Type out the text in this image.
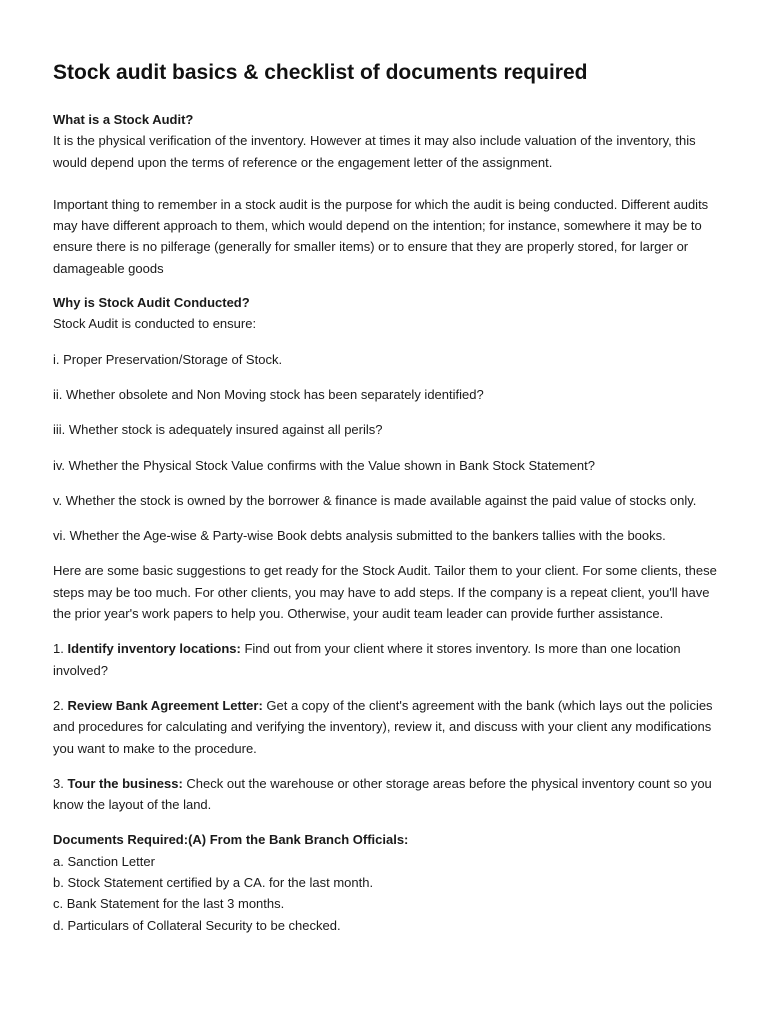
Stock audit basics & checklist of documents required

What is a Stock Audit?

It is the physical verification of the inventory. However at times it may also include valuation of the inventory, this would depend upon the terms of reference or the engagement letter of the assignment.

Important thing to remember in a stock audit is the purpose for which the audit is being conducted. Different audits may have different approach to them, which would depend on the intention; for instance, somewhere it may be to ensure there is no pilferage (generally for smaller items) or to ensure that they are properly stored, for larger or damageable goods

Why is Stock Audit Conducted?

Stock Audit is conducted to ensure:

i. Proper Preservation/Storage of Stock.

ii. Whether obsolete and Non Moving stock has been separately identified?

iii. Whether stock is adequately insured against all perils?

iv. Whether the Physical Stock Value confirms with the Value shown in Bank Stock Statement?

v. Whether the stock is owned by the borrower & finance is made available against the paid value of stocks only.

vi. Whether the Age-wise & Party-wise Book debts analysis submitted to the bankers tallies with the books.

Here are some basic suggestions to get ready for the Stock Audit. Tailor them to your client. For some clients, these steps may be too much. For other clients, you may have to add steps. If the company is a repeat client, you'll have the prior year's work papers to help you. Otherwise, your audit team leader can provide further assistance.

1. Identify inventory locations: Find out from your client where it stores inventory. Is more than one location involved?

2. Review Bank Agreement Letter: Get a copy of the client's agreement with the bank (which lays out the policies and procedures for calculating and verifying the inventory), review it, and discuss with your client any modifications you want to make to the procedure.

3. Tour the business: Check out the warehouse or other storage areas before the physical inventory count so you know the layout of the land.

Documents Required:(A) From the Bank Branch Officials:

a. Sanction Letter
b. Stock Statement certified by a CA. for the last month.
c. Bank Statement for the last 3 months.
d. Particulars of Collateral Security to be checked.
